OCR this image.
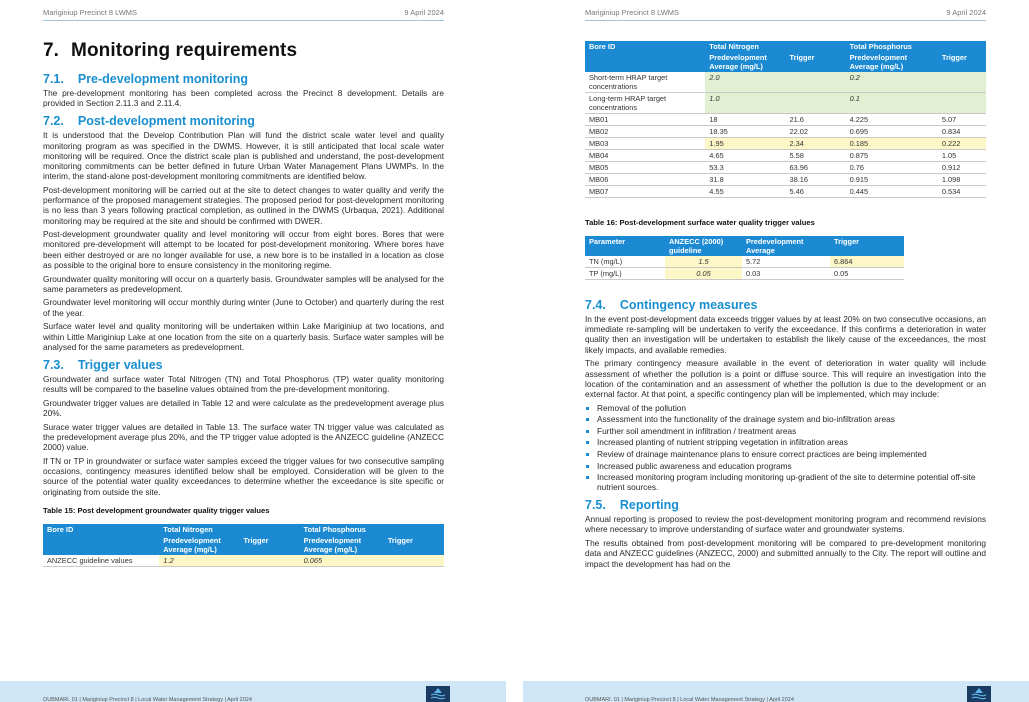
Mariginiup Precinct 8 LWMS	9 April 2024
7. Monitoring requirements
7.1. Pre-development monitoring

The pre-development monitoring has been completed across the Precinct 8 development. Details are provided in Section 2.11.3 and 2.11.4.

7.2. Post-development monitoring

It is understood that the Develop Contribution Plan will fund the district scale water level and quality monitoring program as was specified in the DWMS. However, it is still anticipated that local scale water monitoring will be required. Once the district scale plan is published and understand, the post-development monitoring commitments can be better defined in future Urban Water Management Plans UWMPs. In the interim, the stand-alone post-development monitoring commitments are identified below.

Post-development monitoring will be carried out at the site to detect changes to water quality and verify the performance of the proposed management strategies. The proposed period for post-development monitoring is no less than 3 years following practical completion, as outlined in the DWMS (Urbaqua, 2021). Additional monitoring may be required at the site and should be confirmed with DWER.

Post-development groundwater quality and level monitoring will occur from eight bores. Bores that were monitored pre-development will attempt to be located for post-development monitoring. Where bores have been either destroyed or are no longer available for use, a new bore is to be installed in a location as close as possible to the original bore to ensure consistency in the monitoring regime.

Groundwater quality monitoring will occur on a quarterly basis. Groundwater samples will be analysed for the same parameters as predevelopment.

Groundwater level monitoring will occur monthly during winter (June to October) and quarterly during the rest of the year.

Surface water level and quality monitoring will be undertaken within Lake Mariginiup at two locations, and within Little Mariginiup Lake at one location from the site on a quarterly basis. Surface water samples will be analysed for the same parameters as predevelopment.

7.3. Trigger values

Groundwater and surface water Total Nitrogen (TN) and Total Phosphorus (TP) water quality monitoring results will be compared to the baseline values obtained from the pre-development monitoring.

Groundwater trigger values are detailed in Table 12 and were calculate as the predevelopment average plus 20%.

Surace water trigger values are detailed in Table 13. The surface water TN trigger value was calculated as the predevelopment average plus 20%, and the TP trigger value adopted is the ANZECC guideline (ANZECC 2000) value.

If TN or TP in groundwater or surface water samples exceed the trigger values for two consecutive sampling occasions, contingency measures identified below shall be employed. Consideration will be given to the source of the potential water quality exceedances to determine whether the exceedance is site specific or originating from outside the site.

Table 15: Post development groundwater quality trigger values
Bore ID	Total Nitrogen		Total Phosphorus	
	Predevelopment Average (mg/L)	Trigger	Predevelopment Average (mg/L)	Trigger
ANZECC guideline values	1.2		0.065	
OUBMARI. 01 | Mariginiup Precinct 8 | Local Water Management Strategy | April 2024
Mariginiup Precinct 8 LWMS	9 April 2024
Bore ID	Total Nitrogen		Total Phosphorus	
	Predevelopment Average (mg/L)	Trigger	Predevelopment Average (mg/L)	Trigger
Short-term HRAP target concentrations	2.0		0.2	
Long-term HRAP target concentrations	1.0		0.1	
MB01	18	21.6	4.225	5.07
MB02	18.35	22.02	0.695	0.834
MB03	1.95	2.34	0.185	0.222
MB04	4.65	5.58	0.875	1.05
MB05	53.3	63.96	0.76	0.912
MB06	31.8	38.16	0.915	1.098
MB07	4.55	5.46	0.445	0.534
Table 16: Post-development surface water quality trigger values
Parameter	ANZECC (2000) guideline	Predevelopment Average	Trigger
TN (mg/L)	1.5	5.72	6.864
TP (mg/L)	0.05	0.03	0.05
7.4. Contingency measures

In the event post-development data exceeds trigger values by at least 20% on two consecutive occasions, an immediate re-sampling will be undertaken to verify the exceedance. If this confirms a deterioration in water quality then an investigation will be undertaken to establish the likely cause of the exceedances, the most likely impacts, and available remedies.

The primary contingency measure available in the event of deterioration in water quality will include assessment of whether the pollution is a point or diffuse source. This will require an investigation into the location of the contamination and an assessment of whether the pollution is due to the development or an external factor. At that point, a specific contingency plan will be implemented, which may include:

Removal of the pollution
Assessment into the functionality of the drainage system and bio-infiltration areas
Further soil amendment in infiltration / treatment areas
Increased planting of nutrient stripping vegetation in infiltration areas
Review of drainage maintenance plans to ensure correct practices are being implemented
Increased public awareness and education programs
Increased monitoring program including monitoring up-gradient of the site to determine potential off-site nutrient sources.
7.5. Reporting

Annual reporting is proposed to review the post-development monitoring program and recommend revisions where necessary to improve understanding of surface water and groundwater systems.

The results obtained from post-development monitoring will be compared to pre-development monitoring data and ANZECC guidelines (ANZECC, 2000) and submitted annually to the City. The report will outline and impact the development has had on the

OUBMARI. 01 | Mariginiup Precinct 8 | Local Water Management Strategy | April 2024
